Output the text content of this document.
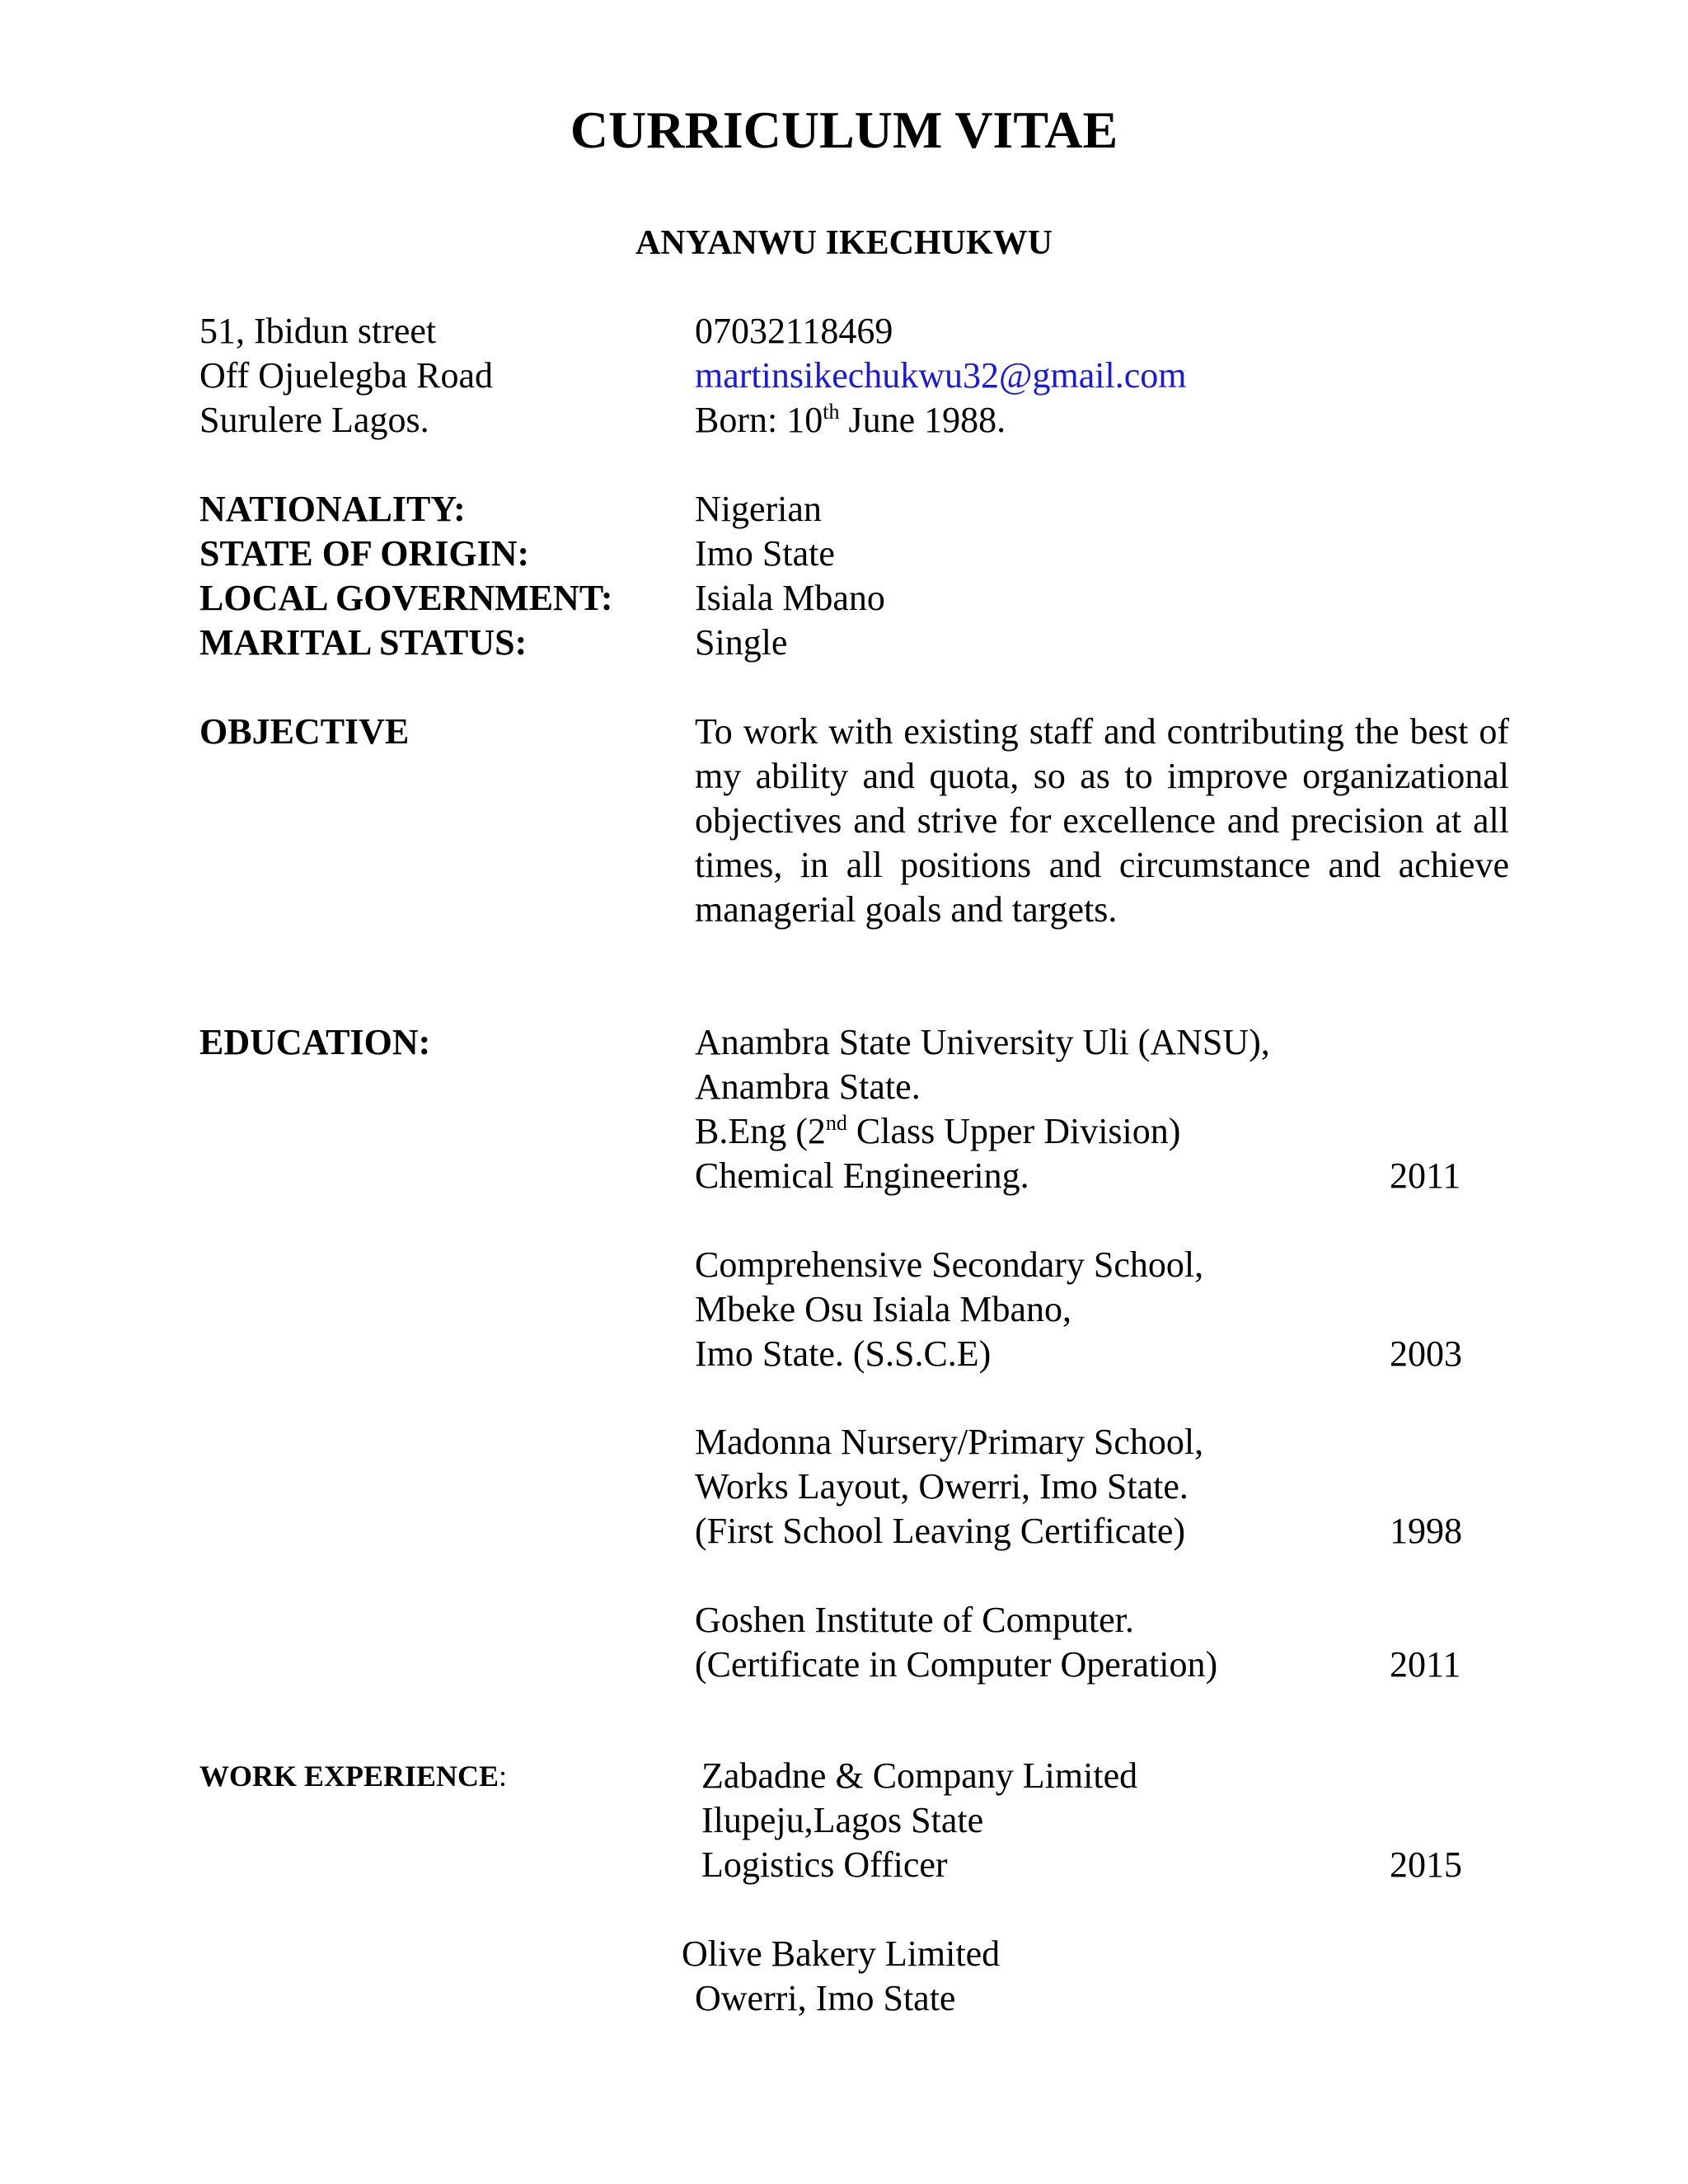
CURRICULUM VITAE
ANYANWU IKECHUKWU
51, Ibidun street
Off Ojuelegba Road
Surulere Lagos.
07032118469
martinsikechukwu32@gmail.com
Born: 10th June 1988.
NATIONALITY:	Nigerian
STATE OF ORIGIN:	Imo State
LOCAL GOVERNMENT: Isiala Mbano
MARITAL STATUS:	Single
OBJECTIVE	To work with existing staff and contributing the best of my ability and quota, so as to improve organizational objectives and strive for excellence and precision at all times, in all positions and circumstance and achieve managerial goals and targets.
EDUCATION:	Anambra State University Uli (ANSU),
Anambra State.
B.Eng (2nd Class Upper Division)
Chemical Engineering.	2011
Comprehensive Secondary School,
Mbeke Osu Isiala Mbano,
Imo State. (S.S.C.E)	2003
Madonna Nursery/Primary School,
Works Layout, Owerri, Imo State.
(First School Leaving Certificate)	1998
Goshen Institute of Computer.
(Certificate in Computer Operation)	2011
WORK EXPERIENCE:	Zabadne & Company Limited
Ilupeju,Lagos State
Logistics Officer	2015
Olive Bakery Limited
Owerri, Imo State
